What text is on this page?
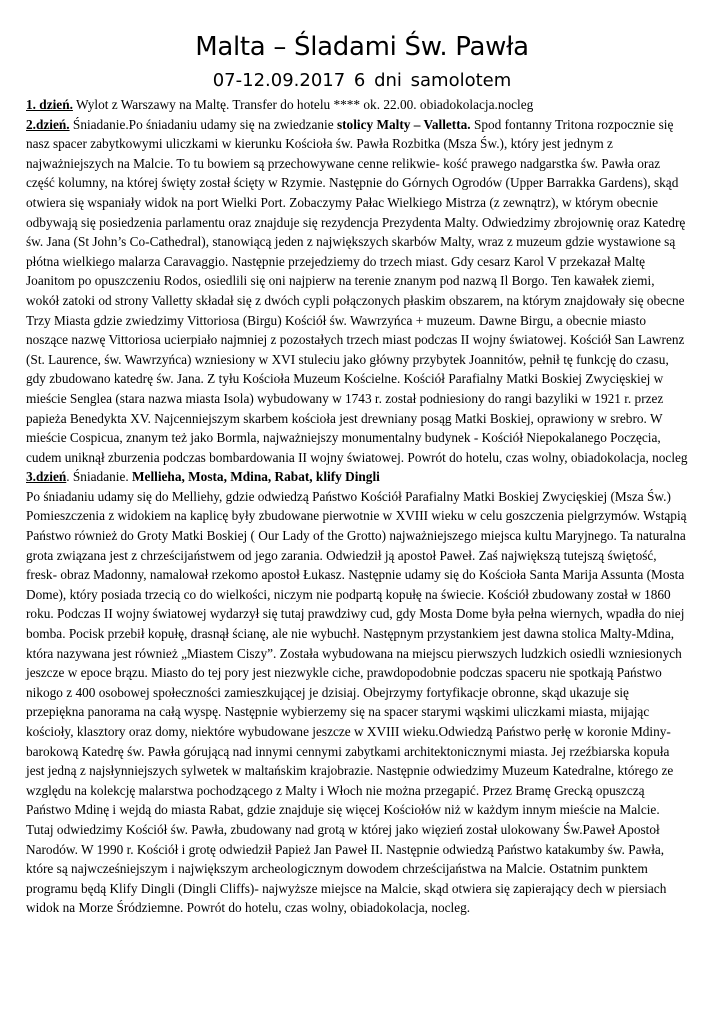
Malta – Śladami Św. Pawła
07-12.09.2017 6 dni samolotem

1. dzień. Wylot z Warszawy na Maltę. Transfer do hotelu **** ok. 22.00. obiadokolacja.nocleg

2.dzień. Śniadanie.Po śniadaniu udamy się na zwiedzanie stolicy Malty – Valletta. Spod fontanny Tritona rozpocznie się nasz spacer zabytkowymi uliczkami w kierunku Kościoła św. Pawła Rozbitka (Msza Św.), który jest jednym z najważniejszych na Malcie. To tu bowiem są przechowywane cenne relikwie- kość prawego nadgarstka św. Pawła oraz część kolumny, na której święty został ścięty w Rzymie. Następnie do Górnych Ogrodów (Upper Barrakka Gardens), skąd otwiera się wspaniały widok na port Wielki Port. Zobaczymy Pałac Wielkiego Mistrza (z zewnątrz), w którym obecnie odbywają się posiedzenia parlamentu oraz znajduje się rezydencja Prezydenta Malty. Odwiedzimy zbrojownię oraz Katedrę św. Jana (St John’s Co-Cathedral), stanowiącą jeden z największych skarbów Malty, wraz z muzeum gdzie wystawione są płótna wielkiego malarza Caravaggio. Następnie przejedziemy do trzech miast. Gdy cesarz Karol V przekazał Maltę Joanitom po opuszczeniu Rodos, osiedlili się oni najpierw na terenie znanym pod nazwą Il Borgo. Ten kawałek ziemi, wokół zatoki od strony Valletty składał się z dwóch cypli połączonych płaskim obszarem, na którym znajdowały się obecne Trzy Miasta gdzie zwiedzimy Vittoriosa (Birgu) Kościół św. Wawrzyńca + muzeum. Dawne Birgu, a obecnie miasto noszące nazwę Vittoriosa ucierpiało najmniej z pozostałych trzech miast podczas II wojny światowej. Kościół San Lawrenz (St. Laurence, św. Wawrzyńca) wzniesiony w XVI stuleciu jako główny przybytek Joannitów, pełnił tę funkcję do czasu, gdy zbudowano katedrę św. Jana. Z tyłu Kościoła Muzeum Kościelne. Kościół Parafialny Matki Boskiej Zwycięskiej w mieście Senglea (stara nazwa miasta Isola) wybudowany w 1743 r. został podniesiony do rangi bazyliki w 1921 r. przez papieża Benedykta XV. Najcenniejszym skarbem kościoła jest drewniany posąg Matki Boskiej, oprawiony w srebro. W mieście Cospicua, znanym też jako Bormla, najważniejszy monumentalny budynek - Kościół Niepokalanego Poczęcia, cudem uniknął zburzenia podczas bombardowania II wojny światowej. Powrót do hotelu, czas wolny, obiadokolacja, nocleg

3.dzień. Śniadanie. Mellieha, Mosta, Mdina, Rabat, klify Dingli

Po śniadaniu udamy się do Melliehy, gdzie odwiedzą Państwo Kościół Parafialny Matki Boskiej Zwycięskiej (Msza Św.) Pomieszczenia z widokiem na kaplicę były zbudowane pierwotnie w XVIII wieku w celu goszczenia pielgrzymów. Wstąpią Państwo również do Groty Matki Boskiej ( Our Lady of the Grotto) najważniejszego miejsca kultu Maryjnego. Ta naturalna grota związana jest z chrześcijaństwem od jego zarania. Odwiedził ją apostoł Paweł. Zaś największą tutejszą świętość, fresk- obraz Madonny, namalował rzekomo apostoł Łukasz. Następnie udamy się do Kościoła Santa Marija Assunta (Mosta Dome), który posiada trzecią co do wielkości, niczym nie podpartą kopułę na świecie. Kościół zbudowany został w 1860 roku. Podczas II wojny światowej wydarzył się tutaj prawdziwy cud, gdy Mosta Dome była pełna wiernych, wpadła do niej bomba. Pocisk przebił kopułę, drasnął ścianę, ale nie wybuchł. Następnym przystankiem jest dawna stolica Malty-Mdina, która nazywana jest również „Miastem Ciszy”. Została wybudowana na miejscu pierwszych ludzkich osiedli wzniesionych jeszcze w epoce brązu. Miasto do tej pory jest niezwykle ciche, prawdopodobnie podczas spaceru nie spotkają Państwo nikogo z 400 osobowej społeczności zamieszkującej je dzisiaj. Obejrzymy fortyfikacje obronne, skąd ukazuje się przepiękna panorama na całą wyspę. Następnie wybierzemy się na spacer starymi wąskimi uliczkami miasta, mijając kościoły, klasztory oraz domy, niektóre wybudowane jeszcze w XVIII wieku.Odwiedzą Państwo perłę w koronie Mdiny- barokową Katedrę św. Pawła górującą nad innymi cennymi zabytkami architektonicznymi miasta. Jej rzeźbiarska kopuła jest jedną z najsłynniejszych sylwetek w maltańskim krajobrazie. Następnie odwiedzimy Muzeum Katedralne, którego ze względu na kolekcję malarstwa pochodzącego z Malty i Włoch nie można przegapić. Przez Bramę Grecką opuszczą Państwo Mdinę i wejdą do miasta Rabat, gdzie znajduje się więcej Kościołów niż w każdym innym mieście na Malcie. Tutaj odwiedzimy Kościół św. Pawła, zbudowany nad grotą w której jako więzień został ulokowany Św.Paweł Apostoł Narodów. W 1990 r. Kościół i grotę odwiedził Papież Jan Paweł II. Następnie odwiedzą Państwo katakumby św. Pawła, które są najwcześniejszym i największym archeologicznym dowodem chrześcijaństwa na Malcie. Ostatnim punktem programu będą Klify Dingli (Dingli Cliffs)- najwyższe miejsce na Malcie, skąd otwiera się zapierający dech w piersiach widok na Morze Śródziemne. Powrót do hotelu, czas wolny, obiadokolacja, nocleg.
